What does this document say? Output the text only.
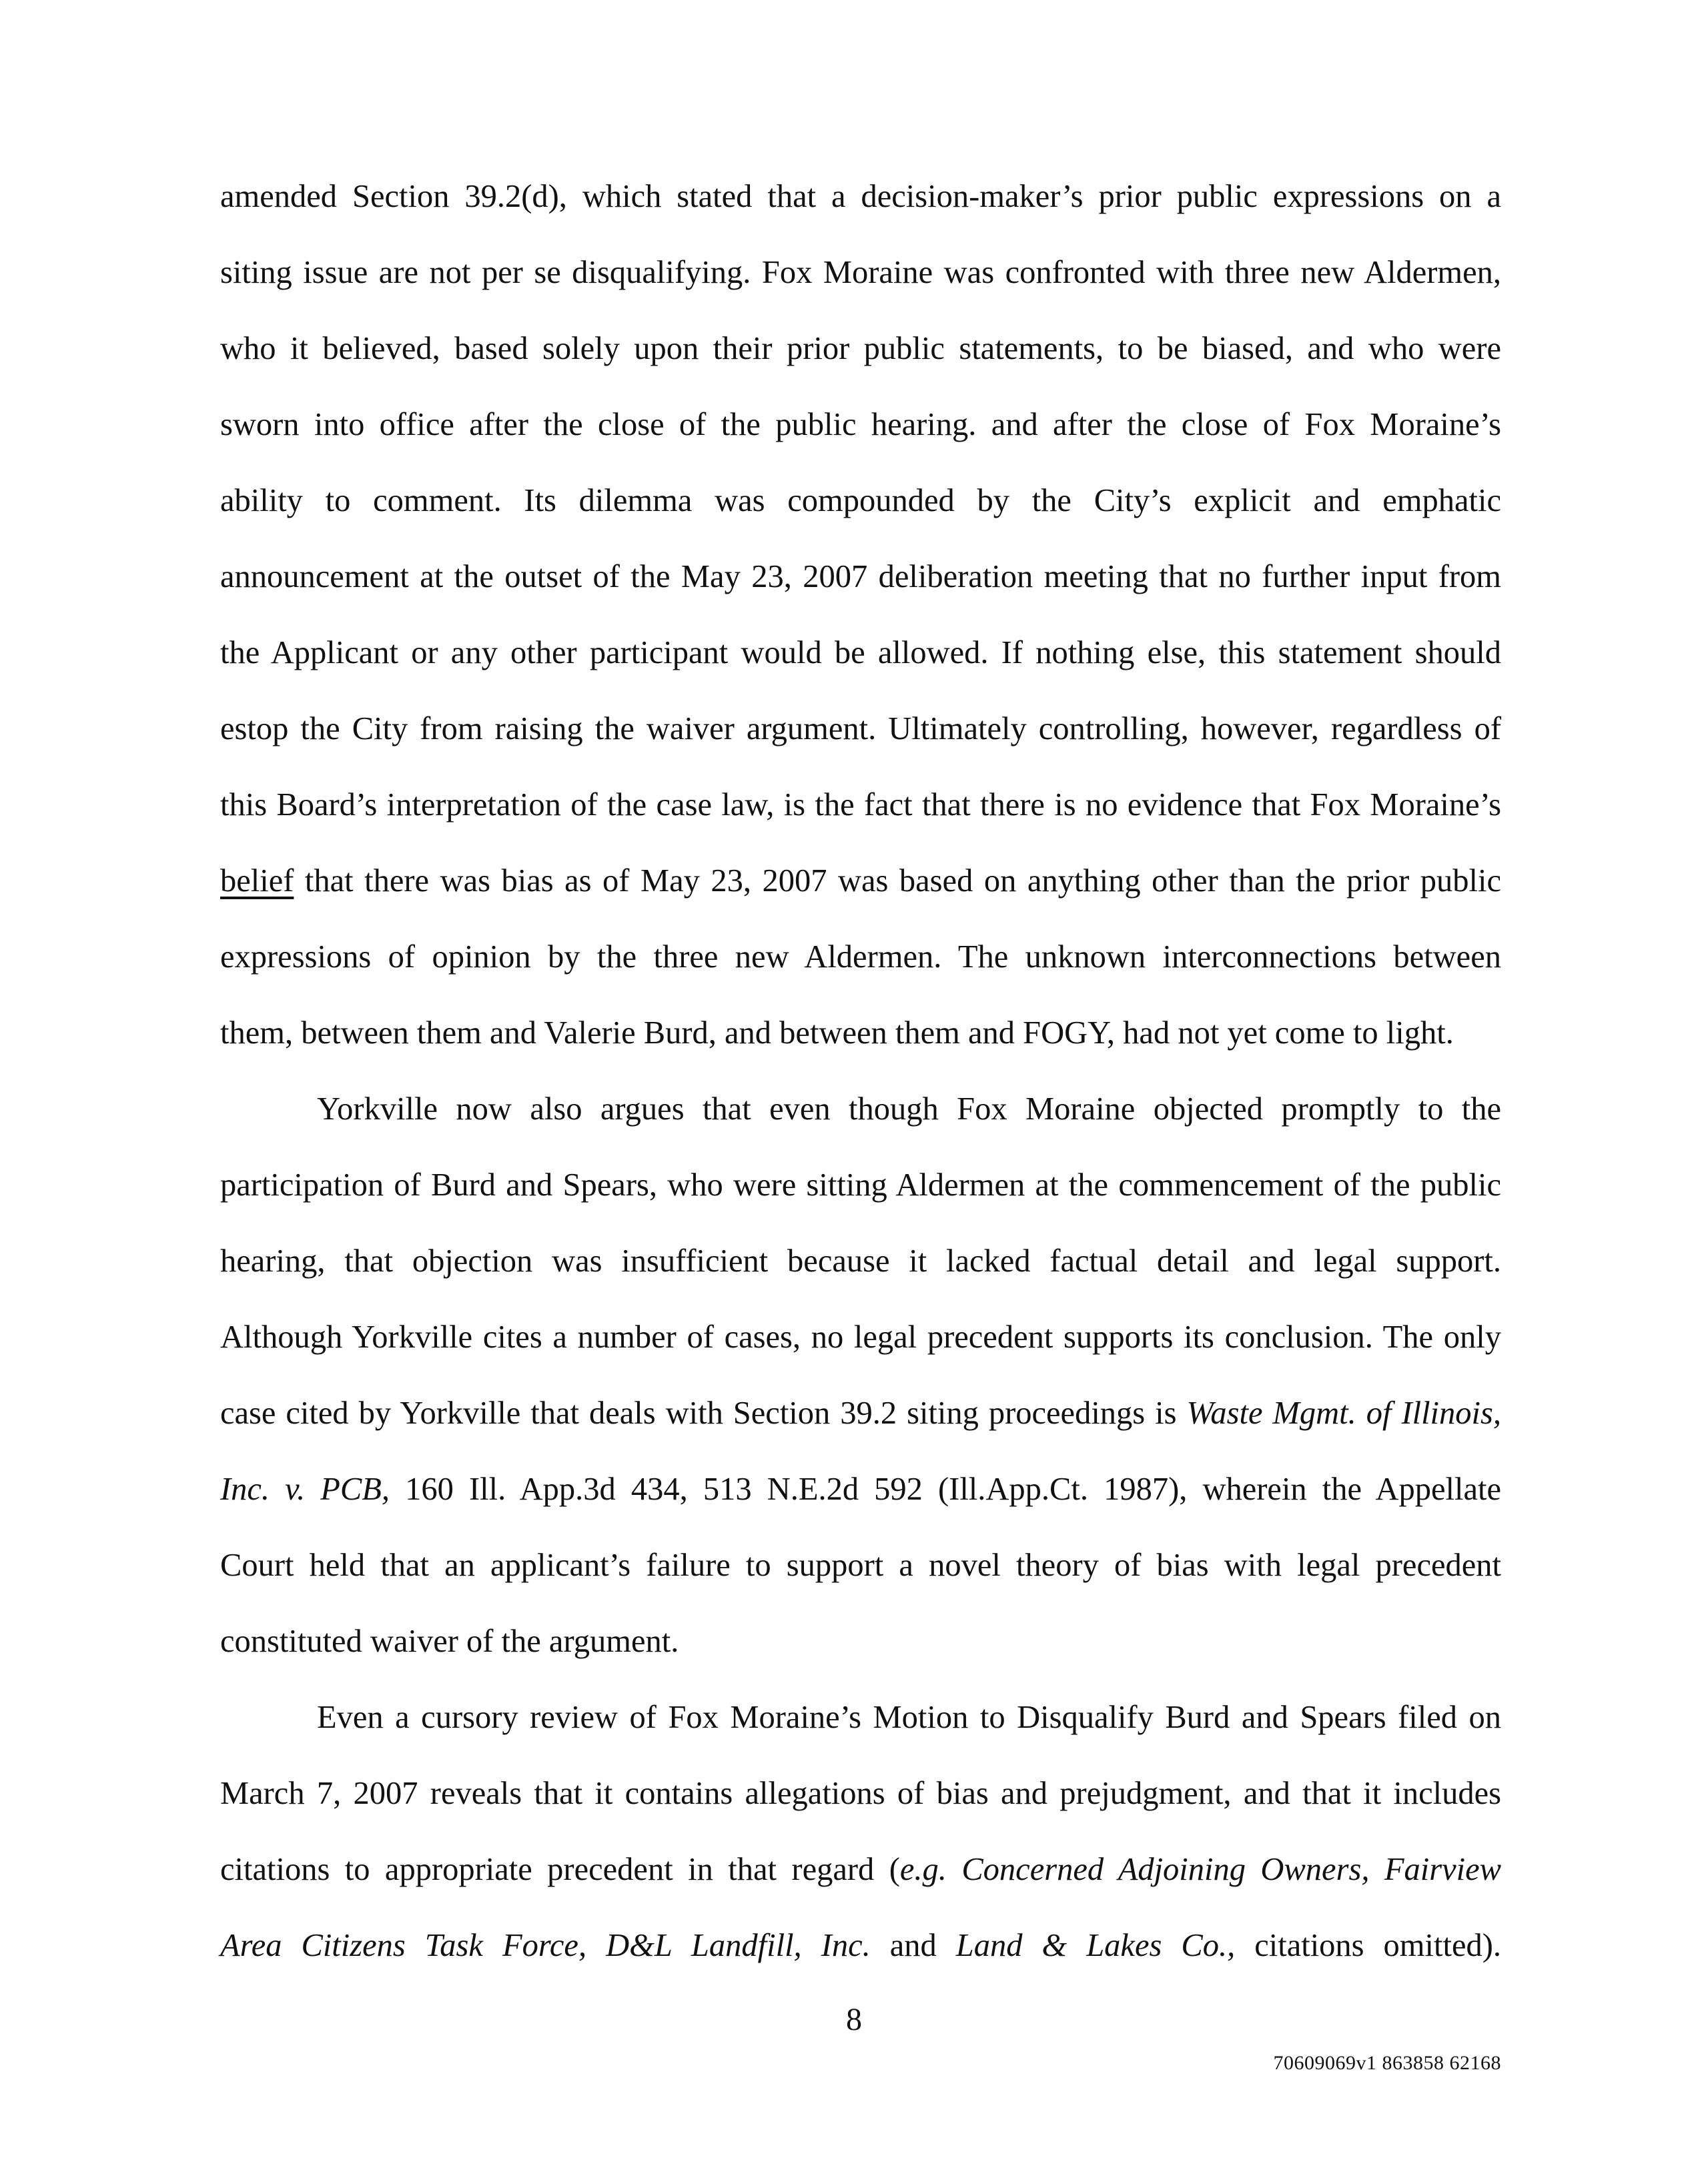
amended Section 39.2(d), which stated that a decision-maker’s prior public expressions on a
siting issue are not per se disqualifying. Fox Moraine was confronted with three new Aldermen,
who it believed, based solely upon their prior public statements, to be biased, and who were
sworn into office after the close of the public hearing. and after the close of Fox Moraine’s
ability to comment. Its dilemma was compounded by the City’s explicit and emphatic
announcement at the outset of the May 23, 2007 deliberation meeting that no further input from
the Applicant or any other participant would be allowed. If nothing else, this statement should
estop the City from raising the waiver argument. Ultimately controlling, however, regardless of
this Board’s interpretation of the case law, is the fact that there is no evidence that Fox Moraine’s
belief that there was bias as of May 23, 2007 was based on anything other than the prior public
expressions of opinion by the three new Aldermen. The unknown interconnections between
them, between them and Valerie Burd, and between them and FOGY, had not yet come to light.
Yorkville now also argues that even though Fox Moraine objected promptly to the
participation of Burd and Spears, who were sitting Aldermen at the commencement of the public
hearing, that objection was insufficient because it lacked factual detail and legal support.
Although Yorkville cites a number of cases, no legal precedent supports its conclusion. The only
case cited by Yorkville that deals with Section 39.2 siting proceedings is Waste Mgmt. of Illinois,
Inc. v. PCB, 160 Ill. App.3d 434, 513 N.E.2d 592 (Ill.App.Ct. 1987), wherein the Appellate
Court held that an applicant’s failure to support a novel theory of bias with legal precedent
constituted waiver of the argument.
Even a cursory review of Fox Moraine’s Motion to Disqualify Burd and Spears filed on
March 7, 2007 reveals that it contains allegations of bias and prejudgment, and that it includes
citations to appropriate precedent in that regard (e.g. Concerned Adjoining Owners, Fairview
Area Citizens Task Force, D&L Landfill, Inc. and Land & Lakes Co., citations omitted).
8
70609069v1 863858 62168
